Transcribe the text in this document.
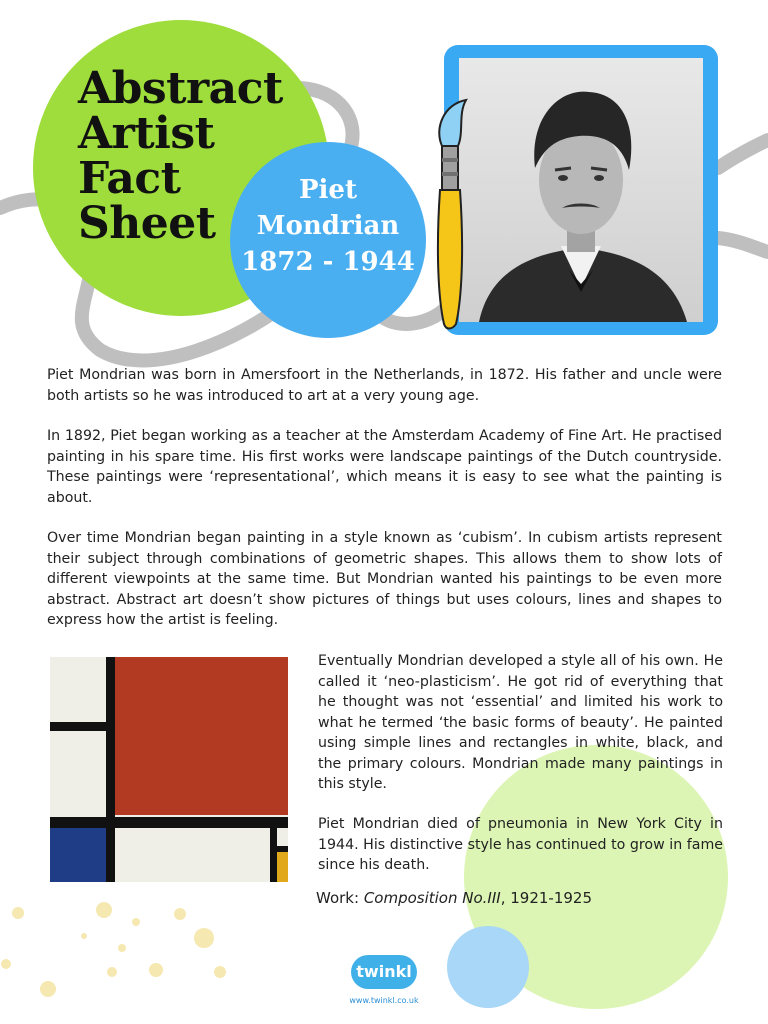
Abstract
Artist
Fact
Sheet
Piet
Mondrian
1872 - 1944
Piet Mondrian was born in Amersfoort in the Netherlands, in 1872. His father and uncle were both artists so he was introduced to art at a very young age.
In 1892, Piet began working as a teacher at the Amsterdam Academy of Fine Art. He practised painting in his spare time. His first works were landscape paintings of the Dutch countryside. These paintings were ‘representational’, which means it is easy to see what the painting is about.
Over time Mondrian began painting in a style known as ‘cubism’. In cubism artists represent their subject through combinations of geometric shapes. This allows them to show lots of different viewpoints at the same time. But Mondrian wanted his paintings to be even more abstract. Abstract art doesn’t show pictures of things but uses colours, lines and shapes to express how the artist is feeling.
Eventually Mondrian developed a style all of his own. He called it ‘neo-plasticism’. He got rid of everything that he thought was not ‘essential’ and limited his work to what he termed ‘the basic forms of beauty’. He painted using simple lines and rectangles in white, black, and the primary colours. Mondrian made many paintings in this style.
Piet Mondrian died of pneumonia in New York City in 1944. His distinctive style has continued to grow in fame since his death.
Work: Composition No.III, 1921-1925
twinkl
www.twinkl.co.uk
